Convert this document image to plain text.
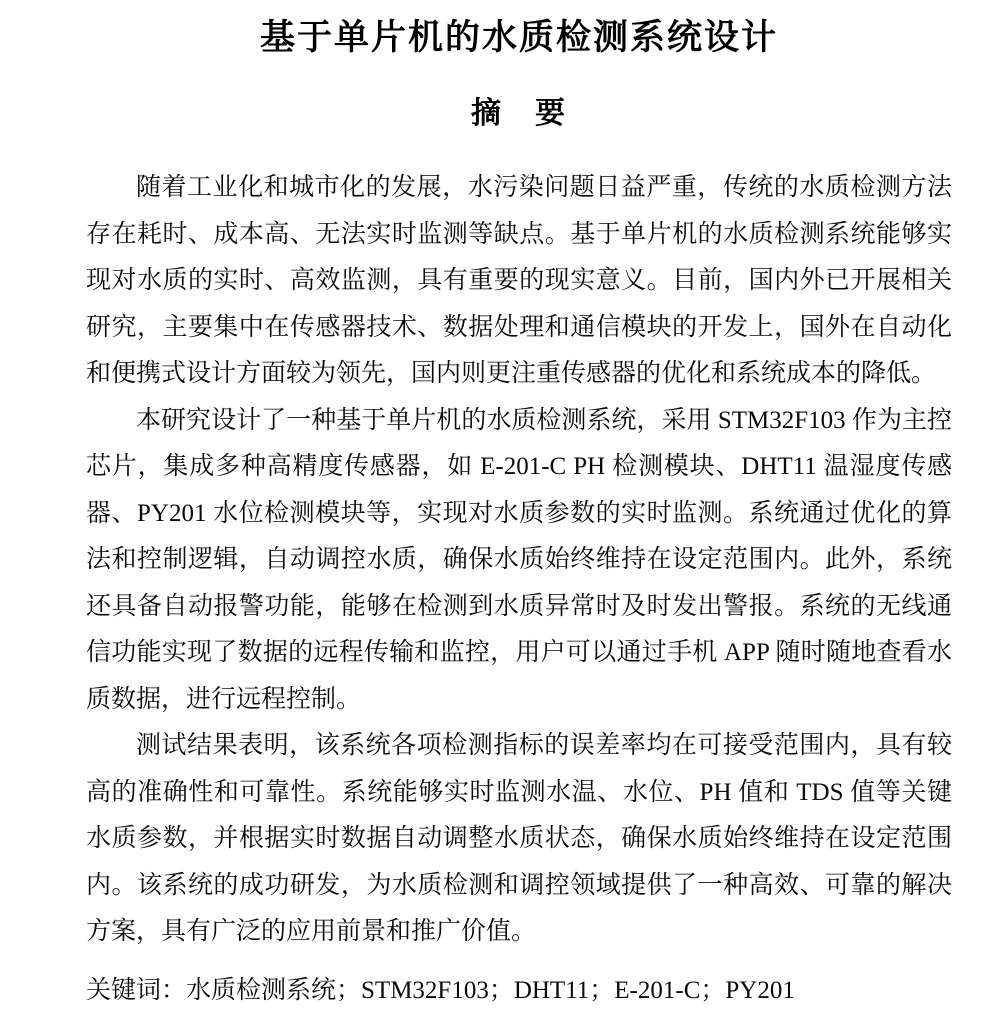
基于单片机的水质检测系统设计
摘　要

随着工业化和城市化的发展，水污染问题日益严重，传统的水质检测方法存在耗时、成本高、无法实时监测等缺点。基于单片机的水质检测系统能够实现对水质的实时、高效监测，具有重要的现实意义。目前，国内外已开展相关研究，主要集中在传感器技术、数据处理和通信模块的开发上，国外在自动化和便携式设计方面较为领先，国内则更注重传感器的优化和系统成本的降低。

本研究设计了一种基于单片机的水质检测系统，采用 STM32F103 作为主控芯片，集成多种高精度传感器，如 E-201-C PH 检测模块、DHT11 温湿度传感器、PY201 水位检测模块等，实现对水质参数的实时监测。系统通过优化的算法和控制逻辑，自动调控水质，确保水质始终维持在设定范围内。此外，系统还具备自动报警功能，能够在检测到水质异常时及时发出警报。系统的无线通信功能实现了数据的远程传输和监控，用户可以通过手机 APP 随时随地查看水质数据，进行远程控制。

测试结果表明，该系统各项检测指标的误差率均在可接受范围内，具有较高的准确性和可靠性。系统能够实时监测水温、水位、PH 值和 TDS 值等关键水质参数，并根据实时数据自动调整水质状态，确保水质始终维持在设定范围内。该系统的成功研发，为水质检测和调控领域提供了一种高效、可靠的解决方案，具有广泛的应用前景和推广价值。

关键词：水质检测系统；STM32F103；DHT11；E-201-C；PY201
